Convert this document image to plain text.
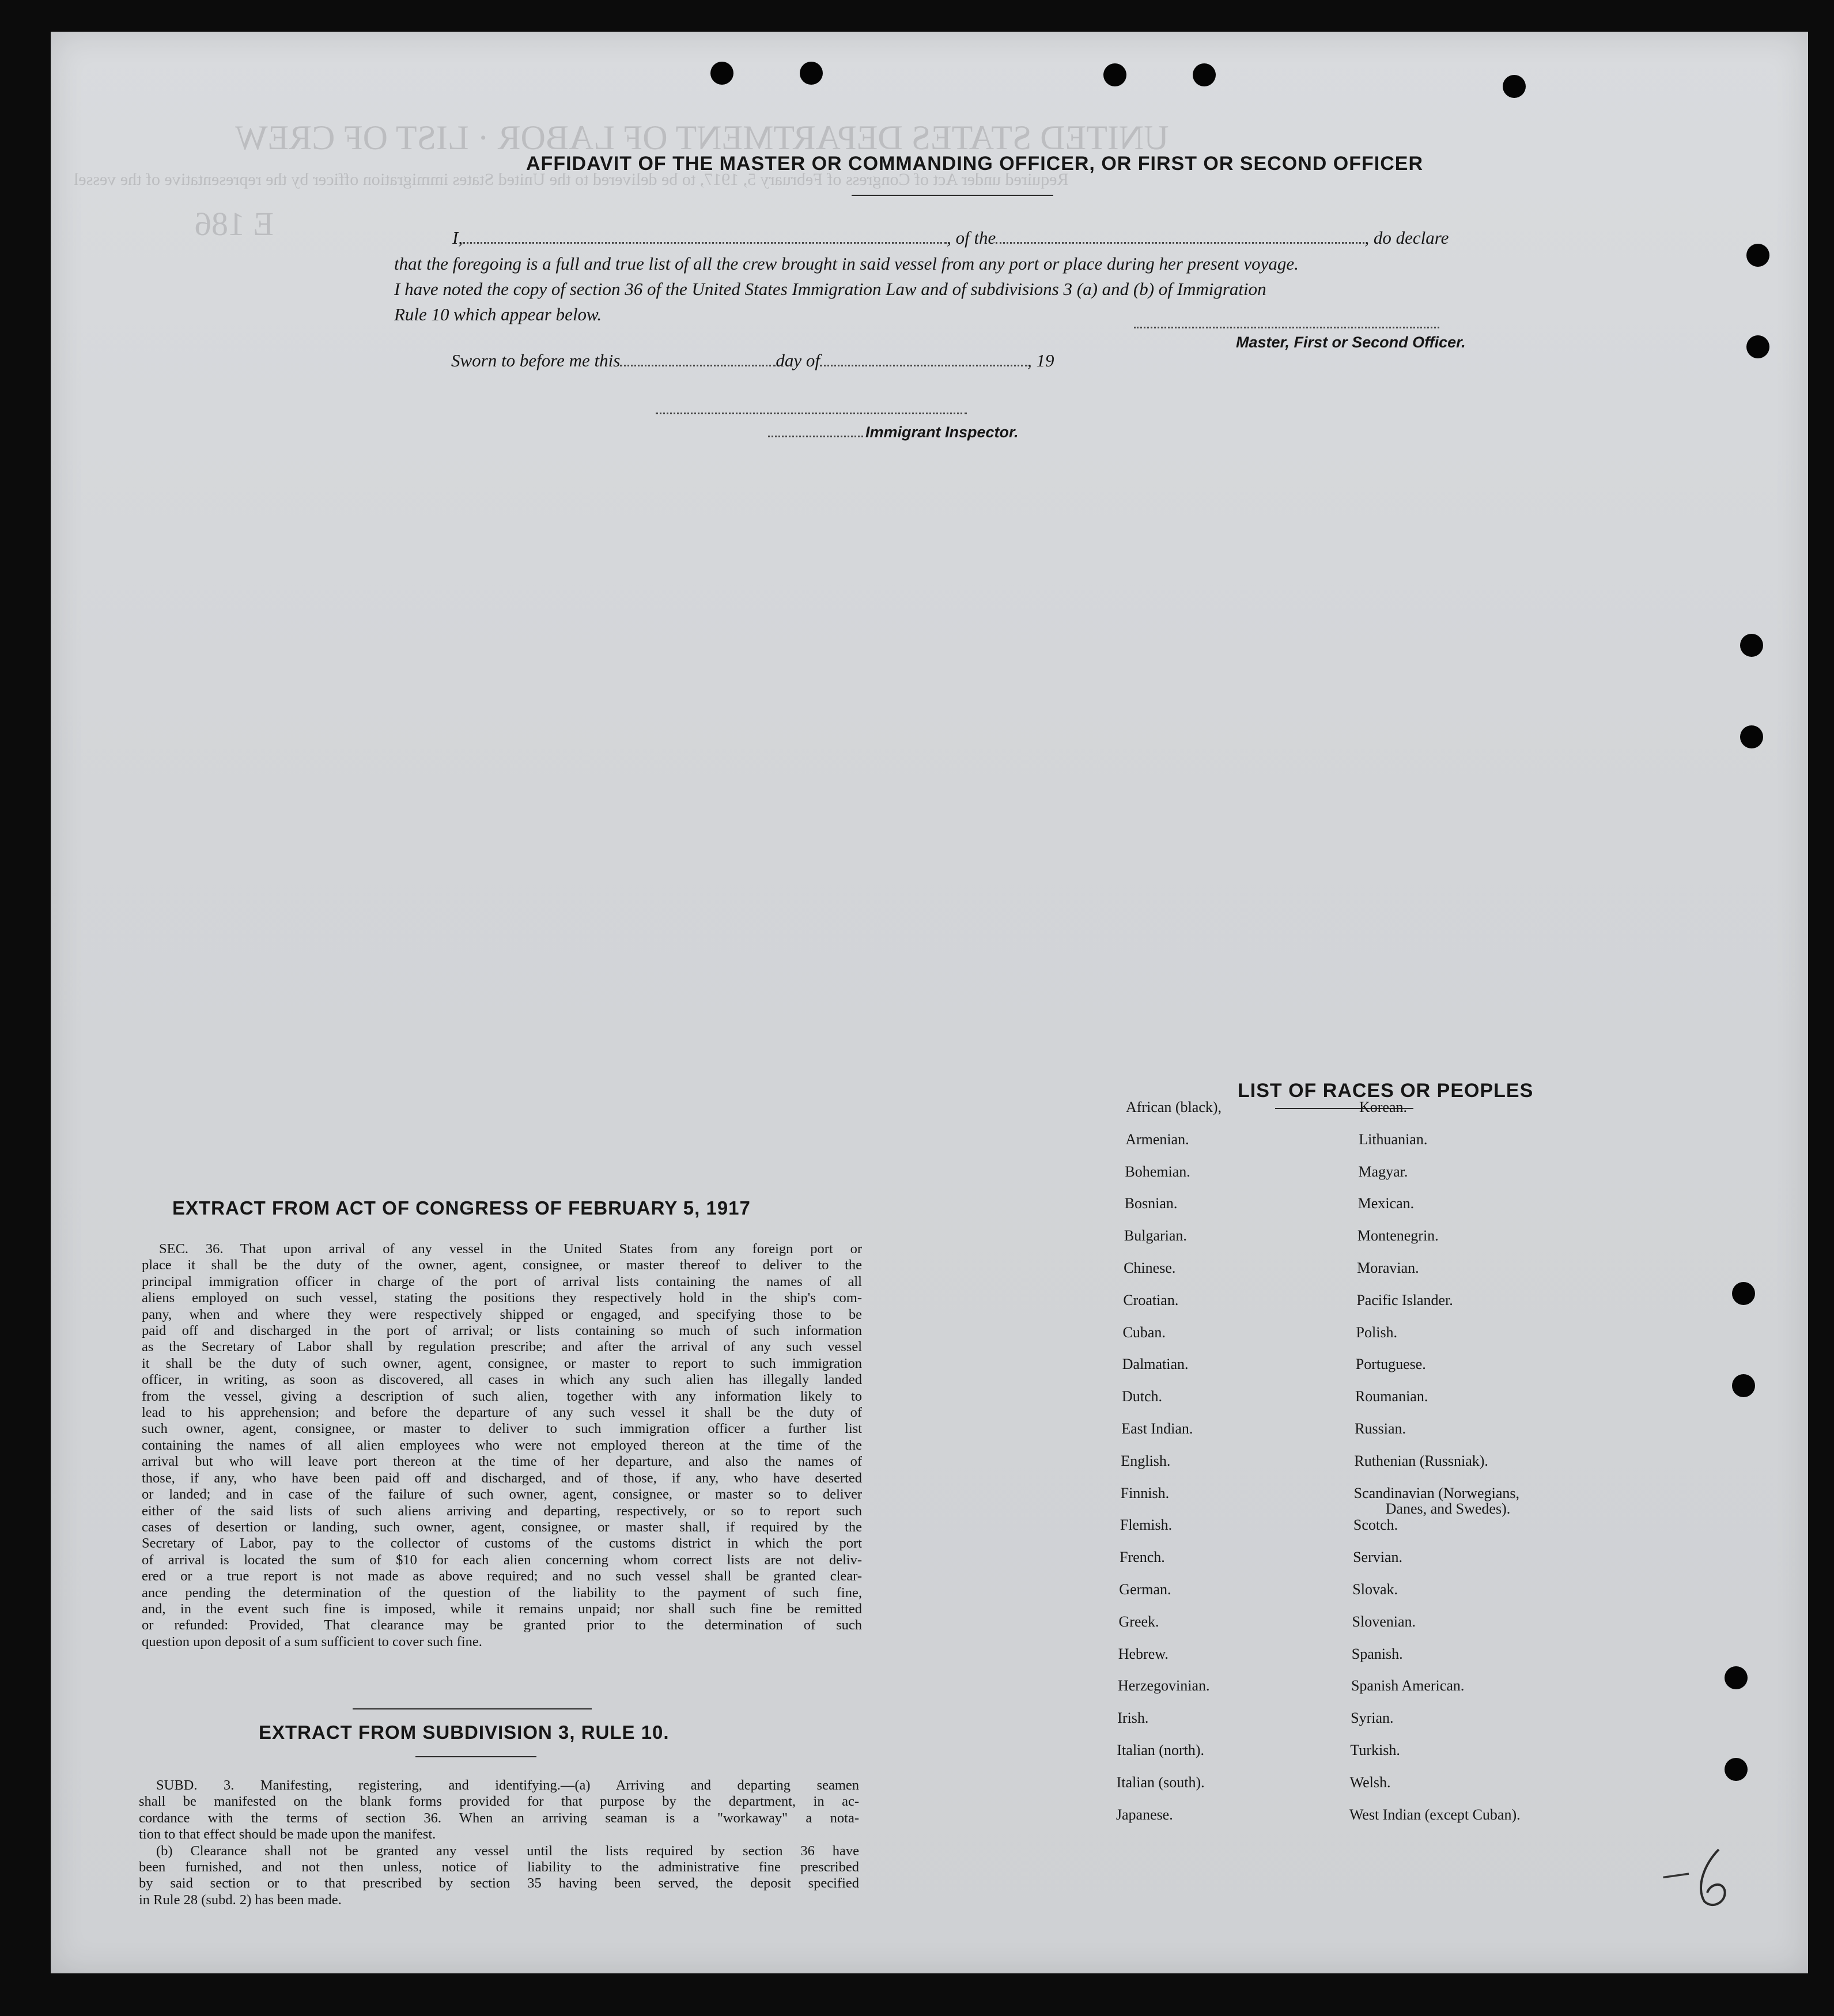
UNITED STATES DEPARTMENT OF LABOR · LIST OF CREW
Required under Act of Congress of February 5, 1917, to be delivered to the United States immigration officer by the representative of the vessel
E 186
AFFIDAVIT OF THE MASTER OR COMMANDING OFFICER, OR FIRST OR SECOND OFFICER
I,	, of the	, do declare
that the foregoing is a full and true list of all the crew brought in said vessel from any port or place during her present voyage.
I have noted the copy of section 36 of the United States Immigration Law and of subdivisions 3 (a) and (b) of Immigration
Rule 10 which appear below.
Master, First or Second Officer.
Sworn to before me this	day of	, 19
Immigrant Inspector.
EXTRACT FROM ACT OF CONGRESS OF FEBRUARY 5, 1917
SEC. 36. That upon arrival of any vessel in the United States from any foreign port or
place it shall be the duty of the owner, agent, consignee, or master thereof to deliver to the
principal immigration officer in charge of the port of arrival lists containing the names of all
aliens employed on such vessel, stating the positions they respectively hold in the ship's com-
pany, when and where they were respectively shipped or engaged, and specifying those to be
paid off and discharged in the port of arrival; or lists containing so much of such information
as the Secretary of Labor shall by regulation prescribe; and after the arrival of any such vessel
it shall be the duty of such owner, agent, consignee, or master to report to such immigration
officer, in writing, as soon as discovered, all cases in which any such alien has illegally landed
from the vessel, giving a description of such alien, together with any information likely to
lead to his apprehension; and before the departure of any such vessel it shall be the duty of
such owner, agent, consignee, or master to deliver to such immigration officer a further list
containing the names of all alien employees who were not employed thereon at the time of the
arrival but who will leave port thereon at the time of her departure, and also the names of
those, if any, who have been paid off and discharged, and of those, if any, who have deserted
or landed; and in case of the failure of such owner, agent, consignee, or master so to deliver
either of the said lists of such aliens arriving and departing, respectively, or so to report such
cases of desertion or landing, such owner, agent, consignee, or master shall, if required by the
Secretary of Labor, pay to the collector of customs of the customs district in which the port
of arrival is located the sum of $10 for each alien concerning whom correct lists are not deliv-
ered or a true report is not made as above required; and no such vessel shall be granted clear-
ance pending the determination of the question of the liability to the payment of such fine,
and, in the event such fine is imposed, while it remains unpaid; nor shall such fine be remitted
or refunded: Provided, That clearance may be granted prior to the determination of such
question upon deposit of a sum sufficient to cover such fine.
EXTRACT FROM SUBDIVISION 3, RULE 10.
SUBD. 3. Manifesting, registering, and identifying.—(a) Arriving and departing seamen
shall be manifested on the blank forms provided for that purpose by the department, in ac-
cordance with the terms of section 36. When an arriving seaman is a "workaway" a nota-
tion to that effect should be made upon the manifest.
(b) Clearance shall not be granted any vessel until the lists required by section 36 have
been furnished, and not then unless, notice of liability to the administrative fine prescribed
by said section or to that prescribed by section 35 having been served, the deposit specified
in Rule 28 (subd. 2) has been made.
LIST OF RACES OR PEOPLES
African (black),
Armenian.
Bohemian.
Bosnian.
Bulgarian.
Chinese.
Croatian.
Cuban.
Dalmatian.
Dutch.
East Indian.
English.
Finnish.
Flemish.
French.
German.
Greek.
Hebrew.
Herzegovinian.
Irish.
Italian (north).
Italian (south).
Japanese.
Korean.
Lithuanian.
Magyar.
Mexican.
Montenegrin.
Moravian.
Pacific Islander.
Polish.
Portuguese.
Roumanian.
Russian.
Ruthenian (Russniak).
Scandinavian (Norwegians,
Danes, and Swedes).
Scotch.
Servian.
Slovak.
Slovenian.
Spanish.
Spanish American.
Syrian.
Turkish.
Welsh.
West Indian (except Cuban).
̅
